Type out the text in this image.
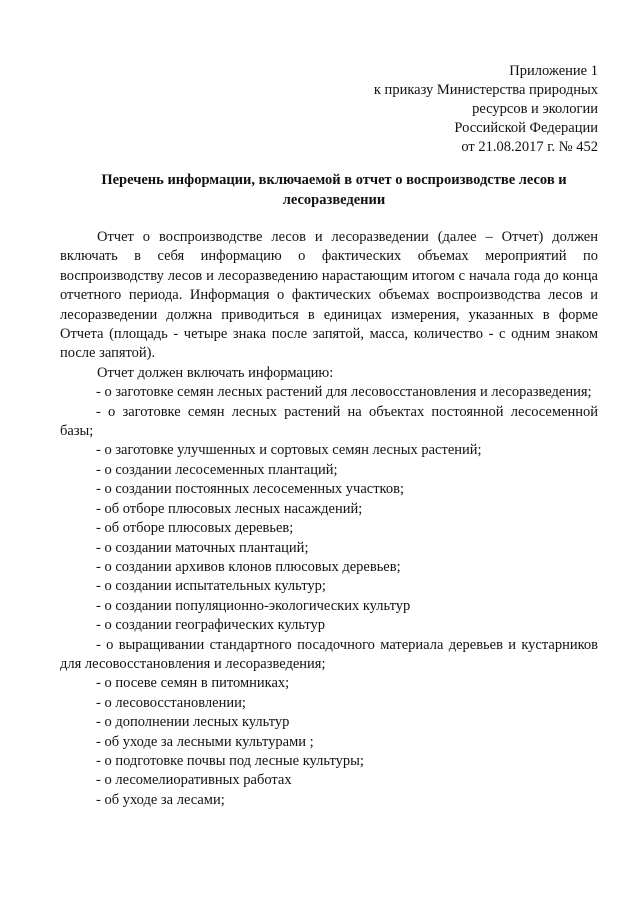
Приложение 1
к приказу Министерства природных
ресурсов и экологии
Российской Федерации
от 21.08.2017 г. № 452
Перечень информации, включаемой в отчет о воспроизводстве лесов и
лесоразведении

Отчет о воспроизводстве лесов и лесоразведении (далее – Отчет) должен включать в себя информацию о фактических объемах мероприятий по воспроизводству лесов и лесоразведению нарастающим итогом с начала года до конца отчетного периода. Информация о фактических объемах воспроизводства лесов и лесоразведении должна приводиться в единицах измерения, указанных в форме Отчета (площадь - четыре знака после запятой, масса, количество - с одним знаком после запятой).

Отчет должен включать информацию:

- о заготовке семян лесных растений для лесовосстановления и лесоразведения;
- о заготовке семян лесных растений на объектах постоянной лесосеменной базы;
- о заготовке улучшенных и сортовых семян лесных растений;
- о создании лесосеменных плантаций;
- о создании постоянных лесосеменных участков;
- об отборе плюсовых лесных насаждений;
- об отборе плюсовых деревьев;
- о создании маточных плантаций;
- о создании архивов клонов плюсовых деревьев;
- о создании испытательных культур;
- о создании популяционно-экологических культур
- о создании географических культур
- о выращивании стандартного посадочного материала деревьев и кустарников для лесовосстановления и лесоразведения;
- о посеве семян в питомниках;
- о лесовосстановлении;
- о дополнении лесных культур
- об уходе за лесными культурами ;
- о подготовке почвы под лесные культуры;
- о лесомелиоративных работах
- об уходе за лесами;
